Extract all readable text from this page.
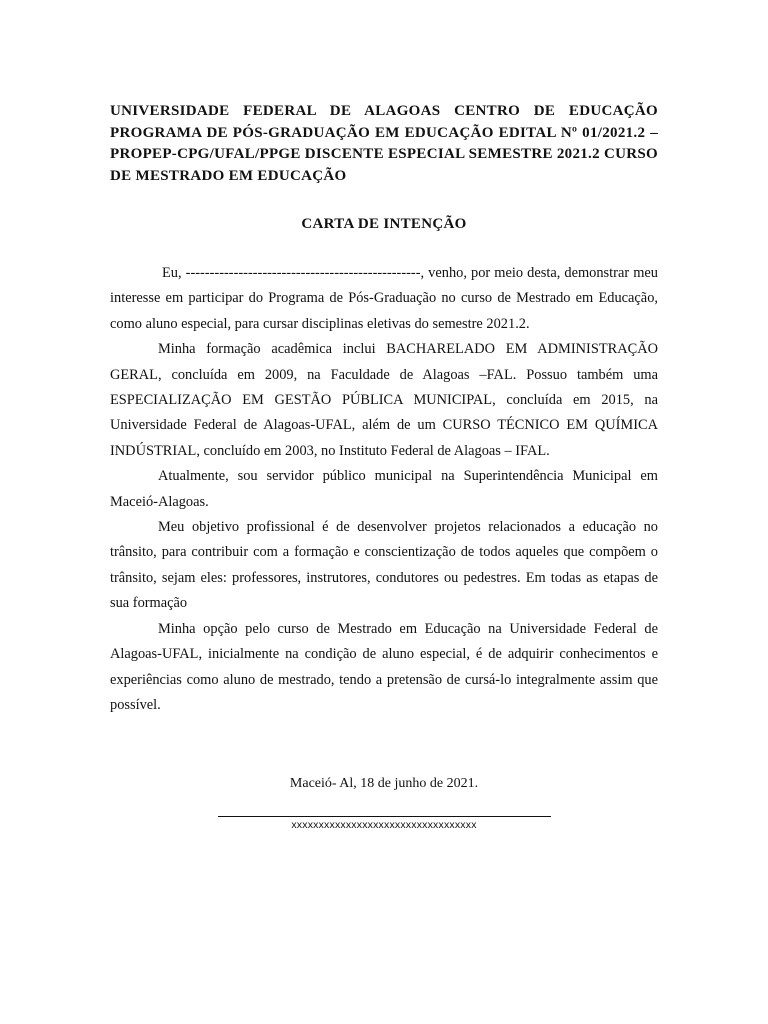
UNIVERSIDADE FEDERAL DE ALAGOAS CENTRO DE EDUCAÇÃO PROGRAMA DE PÓS-GRADUAÇÃO EM EDUCAÇÃO EDITAL Nº 01/2021.2 – PROPEP-CPG/UFAL/PPGE DISCENTE ESPECIAL SEMESTRE 2021.2 CURSO DE MESTRADO EM EDUCAÇÃO

CARTA DE INTENÇÃO

Eu, -------------------------------------------------, venho, por meio desta, demonstrar meu interesse em participar do Programa de Pós-Graduação no curso de Mestrado em Educação, como aluno especial, para cursar disciplinas eletivas do semestre 2021.2.

Minha formação acadêmica inclui BACHARELADO EM ADMINISTRAÇÃO GERAL, concluída em 2009, na Faculdade de Alagoas –FAL. Possuo também uma ESPECIALIZAÇÃO EM GESTÃO PÚBLICA MUNICIPAL, concluída em 2015, na Universidade Federal de Alagoas-UFAL, além de um CURSO TÉCNICO EM QUÍMICA INDÚSTRIAL, concluído em 2003, no Instituto Federal de Alagoas – IFAL.

Atualmente, sou servidor público municipal na Superintendência Municipal em Maceió-Alagoas.

Meu objetivo profissional é de desenvolver projetos relacionados a educação no trânsito, para contribuir com a formação e conscientização de todos aqueles que compõem o trânsito, sejam eles: professores, instrutores, condutores ou pedestres. Em todas as etapas de sua formação

Minha opção pelo curso de Mestrado em Educação na Universidade Federal de Alagoas-UFAL, inicialmente na condição de aluno especial, é de adquirir conhecimentos e experiências como aluno de mestrado, tendo a pretensão de cursá-lo integralmente assim que possível.

Maceió- Al, 18 de junho de 2021.

xxxxxxxxxxxxxxxxxxxxxxxxxxxxxxxxxx
